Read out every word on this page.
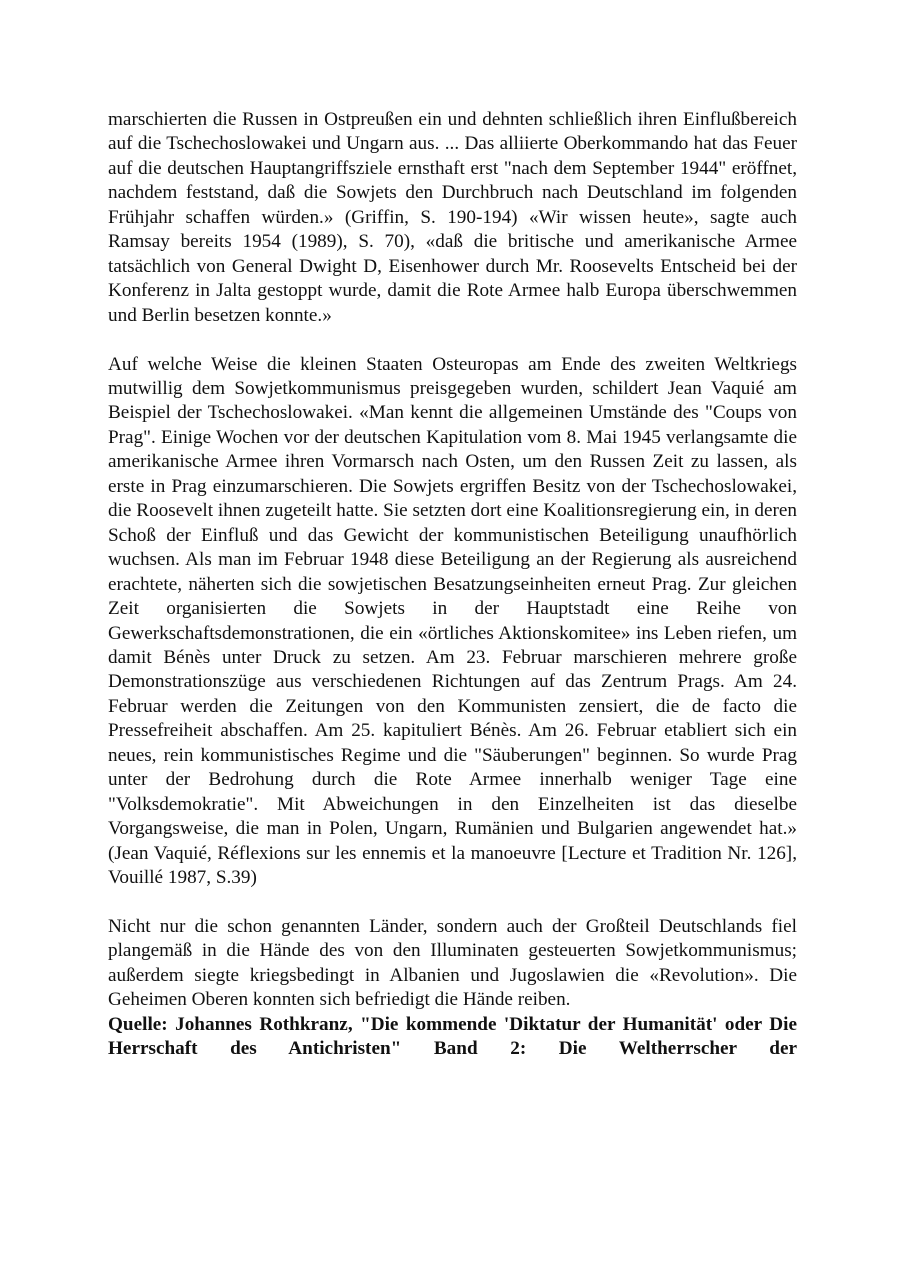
marschierten die Russen in Ostpreußen ein und dehnten schließlich ihren Einflußbereich auf die Tschechoslowakei und Ungarn aus. ... Das alliierte Oberkommando hat das Feuer auf die deutschen Hauptangriffsziele ernsthaft erst "nach dem September 1944" eröffnet, nachdem feststand, daß die Sowjets den Durchbruch nach Deutschland im folgenden Frühjahr schaffen würden.» (Griffin, S. 190-194) «Wir wissen heute», sagte auch Ramsay bereits 1954 (1989), S. 70), «daß die britische und amerikanische Armee tatsächlich von General Dwight D, Eisenhower durch Mr. Roosevelts Entscheid bei der Konferenz in Jalta gestoppt wurde, damit die Rote Armee halb Europa überschwemmen und Berlin besetzen konnte.»

Auf welche Weise die kleinen Staaten Osteuropas am Ende des zweiten Weltkriegs mutwillig dem Sowjetkommunismus preisgegeben wurden, schildert Jean Vaquié am Beispiel der Tschechoslowakei. «Man kennt die allgemeinen Umstände des "Coups von Prag". Einige Wochen vor der deutschen Kapitulation vom 8. Mai 1945 verlangsamte die amerikanische Armee ihren Vormarsch nach Osten, um den Russen Zeit zu lassen, als erste in Prag einzumarschieren. Die Sowjets ergriffen Besitz von der Tschechoslowakei, die Roosevelt ihnen zugeteilt hatte. Sie setzten dort eine Koalitionsregierung ein, in deren Schoß der Einfluß und das Gewicht der kommunistischen Beteiligung unaufhörlich wuchsen. Als man im Februar 1948 diese Beteiligung an der Regierung als ausreichend erachtete, näherten sich die sowjetischen Besatzungseinheiten erneut Prag. Zur gleichen Zeit organisierten die Sowjets in der Hauptstadt eine Reihe von Gewerkschaftsdemonstrationen, die ein «örtliches Aktionskomitee» ins Leben riefen, um damit Bénès unter Druck zu setzen. Am 23. Februar marschieren mehrere große Demonstrationszüge aus verschiedenen Richtungen auf das Zentrum Prags. Am 24. Februar werden die Zeitungen von den Kommunisten zensiert, die de facto die Pressefreiheit abschaffen. Am 25. kapituliert Bénès. Am 26. Februar etabliert sich ein neues, rein kommunistisches Regime und die "Säuberungen" beginnen. So wurde Prag unter der Bedrohung durch die Rote Armee innerhalb weniger Tage eine "Volksdemokratie". Mit Abweichungen in den Einzelheiten ist das dieselbe Vorgangsweise, die man in Polen, Ungarn, Rumänien und Bulgarien angewendet hat.» (Jean Vaquié, Réflexions sur les ennemis et la manoeuvre [Lecture et Tradition Nr. 126], Vouillé 1987, S.39)

Nicht nur die schon genannten Länder, sondern auch der Großteil Deutschlands fiel plangemäß in die Hände des von den Illuminaten gesteuerten Sowjetkommunismus; außerdem siegte kriegsbedingt in Albanien und Jugoslawien die «Revolution». Die Geheimen Oberen konnten sich befriedigt die Hände reiben.

Quelle: Johannes Rothkranz, "Die kommende 'Diktatur der Humanität' oder Die Herrschaft des Antichristen" Band 2: Die Weltherrscher der
